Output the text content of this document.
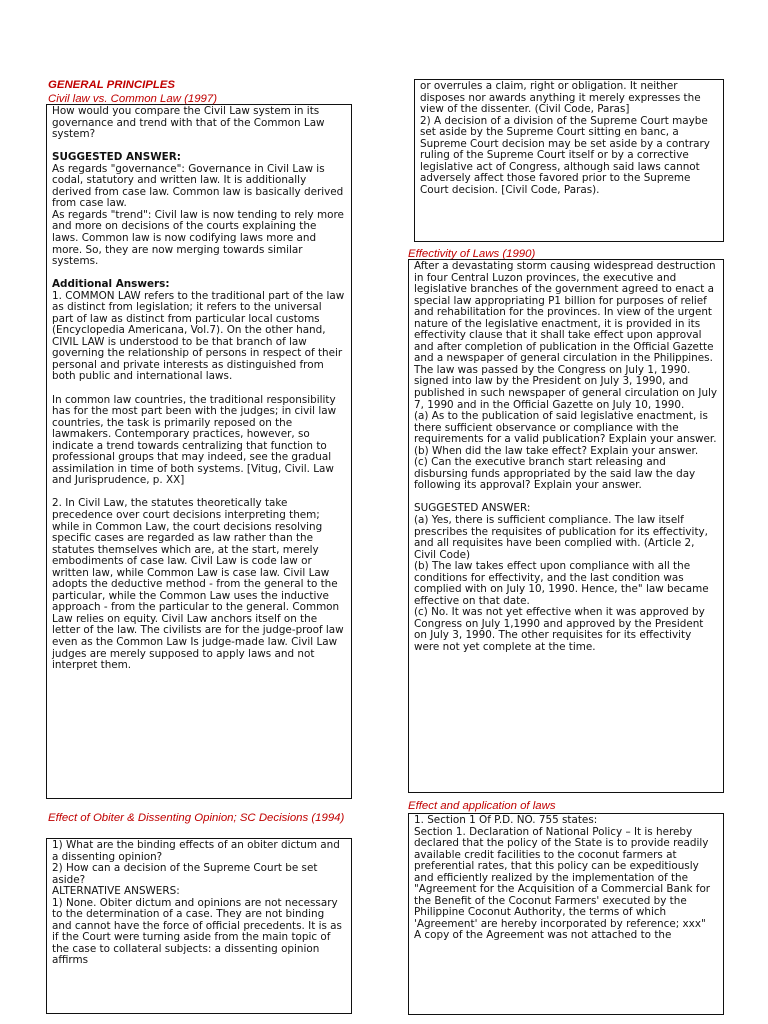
GENERAL PRINCIPLES
Civil law vs. Common Law (1997)

How would you compare the Civil Law system in its governance and trend with that of the Common Law system?

SUGGESTED ANSWER:

As regards "governance": Governance in Civil Law is codal, statutory and written law. It is additionally derived from case law. Common law is basically derived from case law.

As regards "trend": Civil law is now tending to rely more and more on decisions of the courts explaining the laws. Common law is now codifying laws more and more. So, they are now merging towards similar systems.

Additional Answers:

1. COMMON LAW refers to the traditional part of the law as distinct from legislation; it refers to the universal part of law as distinct from particular local customs (Encyclopedia Americana, Vol.7). On the other hand, CIVIL LAW is understood to be that branch of law governing the relationship of persons in respect of their personal and private interests as distinguished from both public and international laws.

In common law countries, the traditional responsibility has for the most part been with the judges; in civil law countries, the task is primarily reposed on the lawmakers. Contemporary practices, however, so indicate a trend towards centralizing that function to professional groups that may indeed, see the gradual assimilation in time of both systems. [Vitug, Civil. Law and Jurisprudence, p. XX]

2. In Civil Law, the statutes theoretically take precedence over court decisions interpreting them; while in Common Law, the court decisions resolving specific cases are regarded as law rather than the statutes themselves which are, at the start, merely embodiments of case law. Civil Law is code law or written law, while Common Law is case law. Civil Law adopts the deductive method - from the general to the particular, while the Common Law uses the inductive approach - from the particular to the general. Common Law relies on equity. Civil Law anchors itself on the letter of the law. The civilists are for the judge-proof law even as the Common Law Is judge-made law. Civil Law judges are merely supposed to apply laws and not interpret them.

Effect of Obiter & Dissenting Opinion; SC Decisions (1994)

1) What are the binding effects of an obiter dictum and a dissenting opinion?

2) How can a decision of the Supreme Court be set aside?

ALTERNATIVE ANSWERS:

1) None. Obiter dictum and opinions are not necessary to the determination of a case. They are not binding and cannot have the force of official precedents. It is as if the Court were turning aside from the main topic of the case to collateral subjects: a dissenting opinion affirms

or overrules a claim, right or obligation. It neither disposes nor awards anything it merely expresses the view of the dissenter. (Civil Code, Paras]

2) A decision of a division of the Supreme Court maybe set aside by the Supreme Court sitting en banc, a Supreme Court decision may be set aside by a contrary ruling of the Supreme Court itself or by a corrective legislative act of Congress, although said laws cannot adversely affect those favored prior to the Supreme Court decision. [Civil Code, Paras).

Effectivity of Laws (1990)

After a devastating storm causing widespread destruction in four Central Luzon provinces, the executive and legislative branches of the government agreed to enact a special law appropriating P1 billion for purposes of relief and rehabilitation for the provinces. In view of the urgent nature of the legislative enactment, it is provided in its effectivity clause that it shall take effect upon approval and after completion of publication in the Official Gazette and a newspaper of general circulation in the Philippines. The law was passed by the Congress on July 1, 1990. signed into law by the President on July 3, 1990, and published in such newspaper of general circulation on July 7, 1990 and in the Official Gazette on July 10, 1990.

(a) As to the publication of said legislative enactment, is there sufficient observance or compliance with the requirements for a valid publication? Explain your answer.

(b) When did the law take effect? Explain your answer.

(c) Can the executive branch start releasing and disbursing funds appropriated by the said law the day following its approval? Explain your answer.

SUGGESTED ANSWER:

(a) Yes, there is sufficient compliance. The law itself prescribes the requisites of publication for its effectivity, and all requisites have been complied with. (Article 2, Civil Code)

(b) The law takes effect upon compliance with all the conditions for effectivity, and the last condition was complied with on July 10, 1990. Hence, the" law became effective on that date.

(c) No. It was not yet effective when it was approved by Congress on July 1,1990 and approved by the President on July 3, 1990. The other requisites for its effectivity were not yet complete at the time.

Effect and application of laws

1. Section 1 Of P.D. NO. 755 states:

Section 1. Declaration of National Policy – It is hereby declared that the policy of the State is to provide readily available credit facilities to the coconut farmers at preferential rates, that this policy can be expeditiously and efficiently realized by the implementation of the "Agreement for the Acquisition of a Commercial Bank for the Benefit of the Coconut Farmers' executed by the Philippine Coconut Authority, the terms of which 'Agreement' are hereby incorporated by reference; xxx"

A copy of the Agreement was not attached to the
